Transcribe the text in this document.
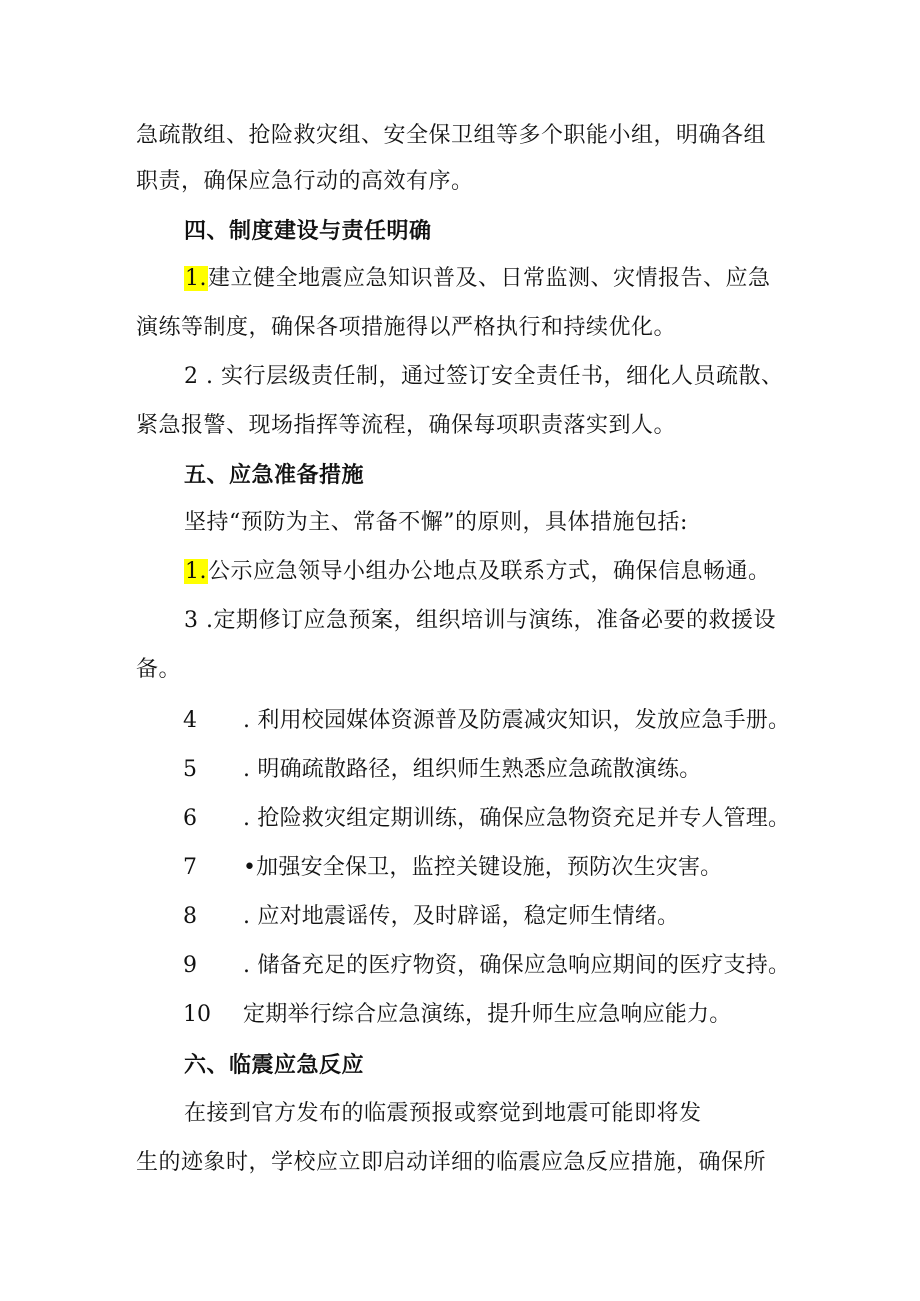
急疏散组、抢险救灾组、安全保卫组等多个职能小组，明确各组
职责，确保应急行动的高效有序。
四、制度建设与责任明确
1.建立健全地震应急知识普及、日常监测、灾情报告、应急
演练等制度，确保各项措施得以严格执行和持续优化。
2 . 实行层级责任制，通过签订安全责任书，细化人员疏散、
紧急报警、现场指挥等流程，确保每项职责落实到人。
五、应急准备措施
坚持“预防为主、常备不懈”的原则，具体措施包括:
1.公示应急领导小组办公地点及联系方式，确保信息畅通。
3 .定期修订应急预案，组织培训与演练，准备必要的救援设
备。
4 . 利用校园媒体资源普及防震减灾知识，发放应急手册。
5 . 明确疏散路径，组织师生熟悉应急疏散演练。
6 . 抢险救灾组定期训练，确保应急物资充足并专人管理。
7 •加强安全保卫，监控关键设施，预防次生灾害。
8 . 应对地震谣传，及时辟谣，稳定师生情绪。
9 . 储备充足的医疗物资，确保应急响应期间的医疗支持。
10 定期举行综合应急演练，提升师生应急响应能力。
六、临震应急反应
在接到官方发布的临震预报或察觉到地震可能即将发
生的迹象时，学校应立即启动详细的临震应急反应措施，确保所
